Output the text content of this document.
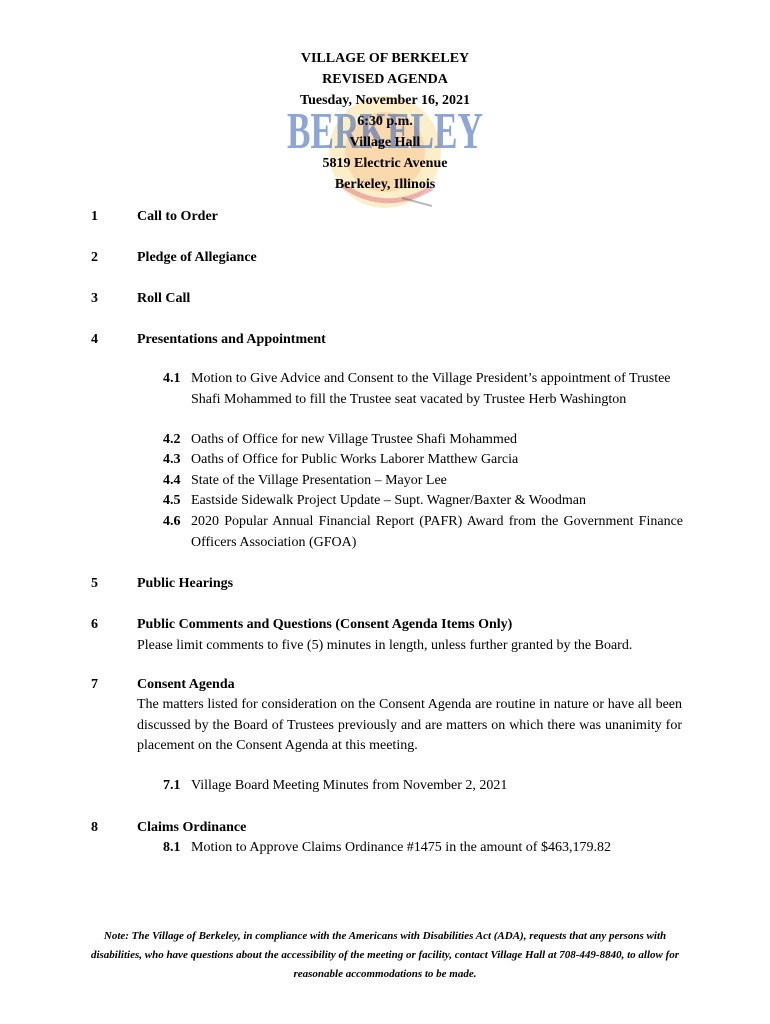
BERKELEY
VILLAGE OF BERKELEY
REVISED AGENDA
Tuesday, November 16, 2021
6:30 p.m.
Village Hall
5819 Electric Avenue
Berkeley, Illinois
1	Call to Order
2	Pledge of Allegiance
3	Roll Call
4	Presentations and Appointment
4.1 Motion to Give Advice and Consent to the Village President’s appointment of Trustee Shafi Mohammed to fill the Trustee seat vacated by Trustee Herb Washington
4.2 Oaths of Office for new Village Trustee Shafi Mohammed
4.3 Oaths of Office for Public Works Laborer Matthew Garcia
4.4 State of the Village Presentation – Mayor Lee
4.5 Eastside Sidewalk Project Update – Supt. Wagner/Baxter & Woodman
4.6 2020 Popular Annual Financial Report (PAFR) Award from the Government Finance Officers Association (GFOA)
5	Public Hearings
6	Public Comments and Questions (Consent Agenda Items Only)
Please limit comments to five (5) minutes in length, unless further granted by the Board.
7	Consent Agenda
The matters listed for consideration on the Consent Agenda are routine in nature or have all been discussed by the Board of Trustees previously and are matters on which there was unanimity for placement on the Consent Agenda at this meeting.
7.1 Village Board Meeting Minutes from November 2, 2021
8	Claims Ordinance
8.1 Motion to Approve Claims Ordinance #1475 in the amount of $463,179.82
Note: The Village of Berkeley, in compliance with the Americans with Disabilities Act (ADA), requests that any persons with disabilities, who have questions about the accessibility of the meeting or facility, contact Village Hall at 708-449-8840, to allow for reasonable accommodations to be made.
